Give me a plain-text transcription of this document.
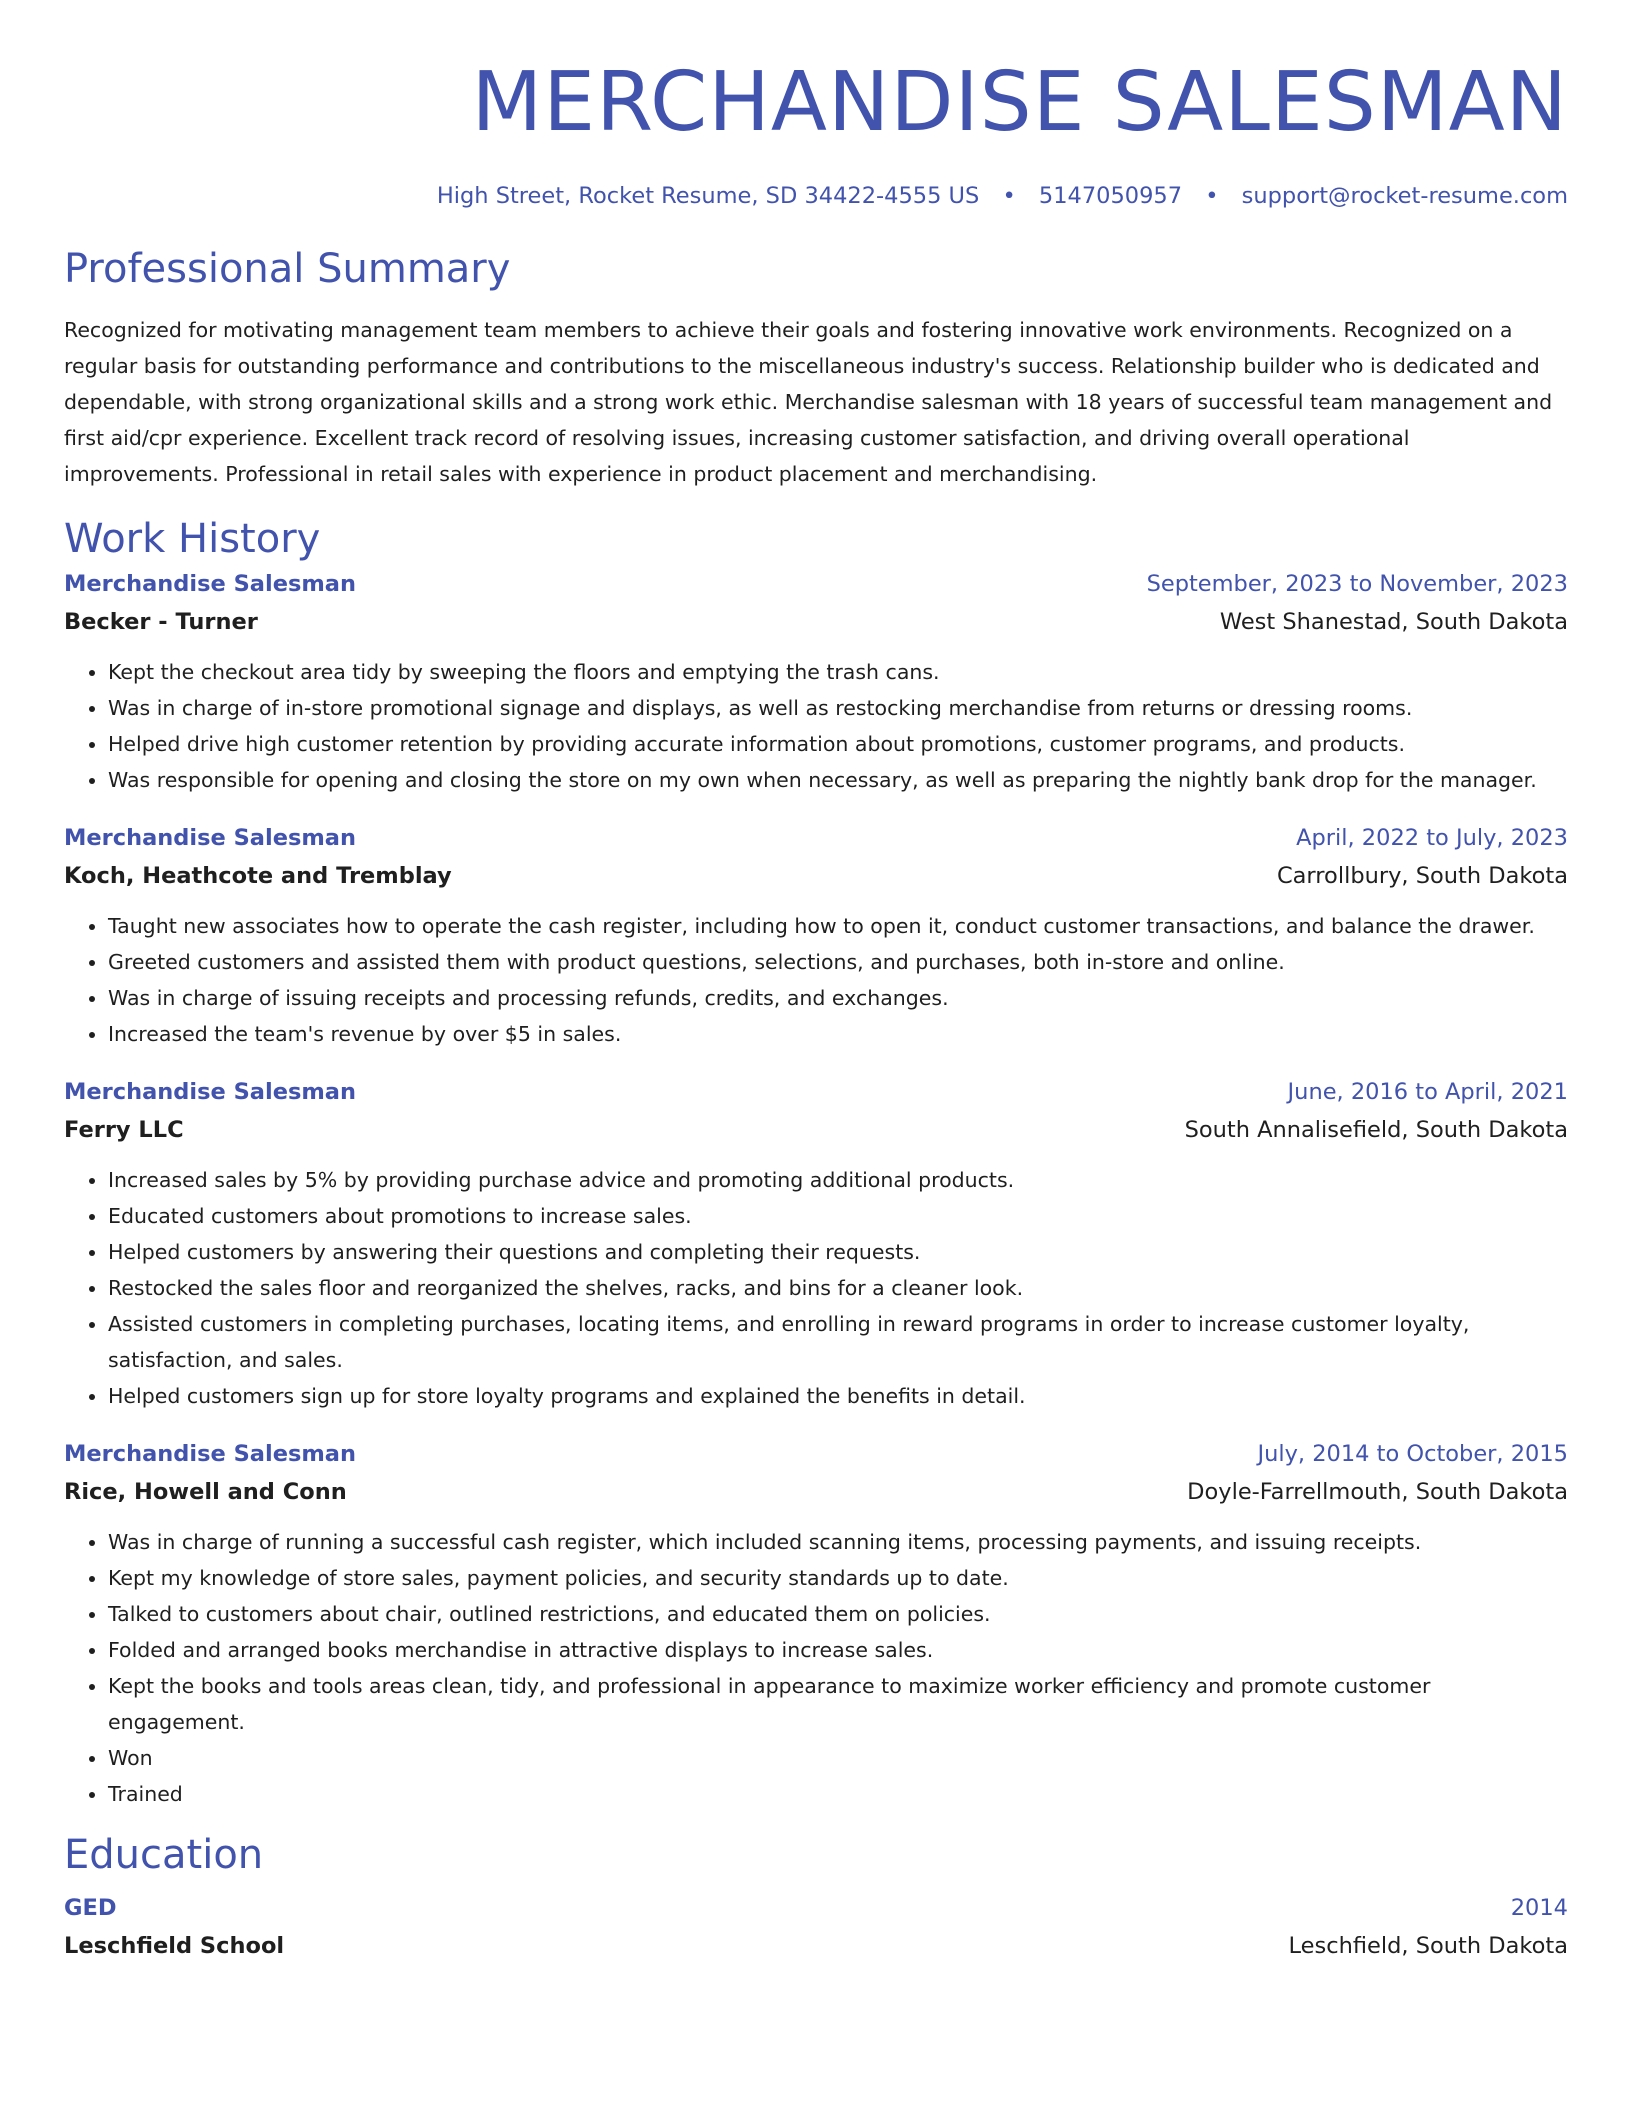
MERCHANDISE SALESMAN
High Street, Rocket Resume, SD 34422-4555 US • 5147050957 • support@rocket-resume.com
Professional Summary

Recognized for motivating management team members to achieve their goals and fostering innovative work environments. Recognized on a regular basis for outstanding performance and contributions to the miscellaneous industry's success. Relationship builder who is dedicated and dependable, with strong organizational skills and a strong work ethic. Merchandise salesman with 18 years of successful team management and first aid/cpr experience. Excellent track record of resolving issues, increasing customer satisfaction, and driving overall operational improvements. Professional in retail sales with experience in product placement and merchandising.

Work History
Merchandise Salesman	September, 2023 to November, 2023
Becker - Turner	West Shanestad, South Dakota
• Kept the checkout area tidy by sweeping the floors and emptying the trash cans.
• Was in charge of in-store promotional signage and displays, as well as restocking merchandise from returns or dressing rooms.
• Helped drive high customer retention by providing accurate information about promotions, customer programs, and products.
• Was responsible for opening and closing the store on my own when necessary, as well as preparing the nightly bank drop for the manager.
Merchandise Salesman	April, 2022 to July, 2023
Koch, Heathcote and Tremblay	Carrollbury, South Dakota
• Taught new associates how to operate the cash register, including how to open it, conduct customer transactions, and balance the drawer.
• Greeted customers and assisted them with product questions, selections, and purchases, both in-store and online.
• Was in charge of issuing receipts and processing refunds, credits, and exchanges.
• Increased the team's revenue by over $5 in sales.
Merchandise Salesman	June, 2016 to April, 2021
Ferry LLC	South Annalisefield, South Dakota
• Increased sales by 5% by providing purchase advice and promoting additional products.
• Educated customers about promotions to increase sales.
• Helped customers by answering their questions and completing their requests.
• Restocked the sales floor and reorganized the shelves, racks, and bins for a cleaner look.
• Assisted customers in completing purchases, locating items, and enrolling in reward programs in order to increase customer loyalty, satisfaction, and sales.
• Helped customers sign up for store loyalty programs and explained the benefits in detail.
Merchandise Salesman	July, 2014 to October, 2015
Rice, Howell and Conn	Doyle-Farrellmouth, South Dakota
• Was in charge of running a successful cash register, which included scanning items, processing payments, and issuing receipts.
• Kept my knowledge of store sales, payment policies, and security standards up to date.
• Talked to customers about chair, outlined restrictions, and educated them on policies.
• Folded and arranged books merchandise in attractive displays to increase sales.
• Kept the books and tools areas clean, tidy, and professional in appearance to maximize worker efficiency and promote customer engagement.
• Won
• Trained
Education
GED	2014
Leschfield School	Leschfield, South Dakota
